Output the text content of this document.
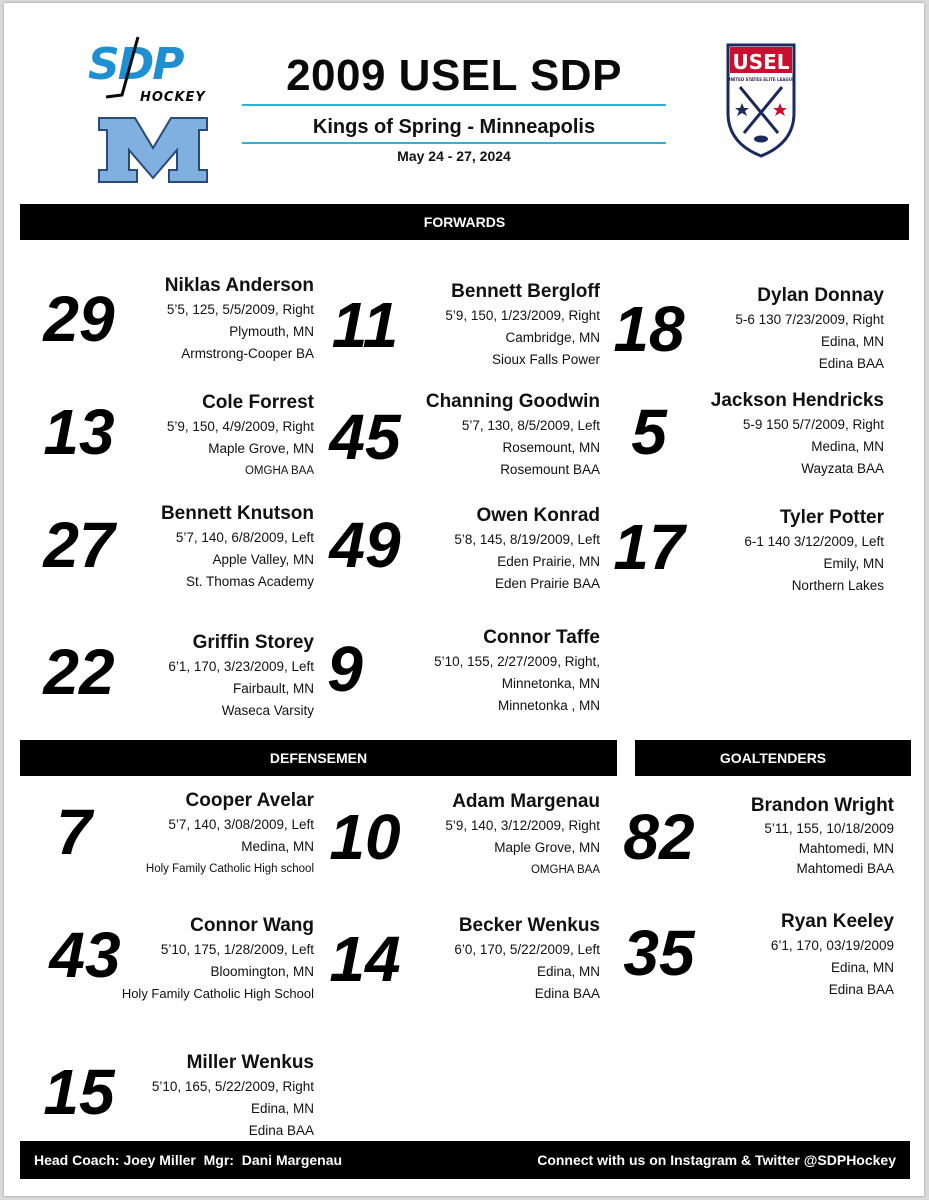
SDP
HOCKEY	2009 USEL SDP
Kings of Spring - Minneapolis
May 24 - 27, 2024
USEL
UNITED STATES ELITE LEAGUE
FORWARDS
29	Niklas Anderson
5’5, 125, 5/5/2009, Right
Plymouth, MN
Armstrong-Cooper BA 11	Bennett Bergloff
5’9, 150, 1/23/2009, Right
Cambridge, MN
Sioux Falls Power 18	Dylan Donnay
5-6 130 7/23/2009, Right
Edina, MN
Edina BAA
13	Cole Forrest
5’9, 150, 4/9/2009, Right
Maple Grove, MN
OMGHA BAA 45	Channing Goodwin
5’7, 130, 8/5/2009, Left
Rosemount, MN
Rosemount BAA
5	Jackson Hendricks
5-9 150 5/7/2009, Right
Medina, MN
Wayzata BAA
27	Bennett Knutson
5’7, 140, 6/8/2009, Left
Apple Valley, MN
St. Thomas Academy
49	Owen Konrad
5’8, 145, 8/19/2009, Left
Eden Prairie, MN
Eden Prairie BAA
17	Tyler Potter
6-1 140 3/12/2009, Left
Emily, MN
Northern Lakes
22	Griffin Storey
6’1, 170, 3/23/2009, Left
Fairbault, MN
Waseca Varsity
9	Connor Taffe
5’10, 155, 2/27/2009, Right,
Minnetonka, MN
Minnetonka , MN
DEFENSEMEN	GOALTENDERS
7	Cooper Avelar
5’7, 140, 3/08/2009, Left
Medina, MN
Holy Family Catholic High school 10	Adam Margenau
5’9, 140, 3/12/2009, Right
Maple Grove, MN
OMGHA BAA
43	Connor Wang
5’10, 175, 1/28/2009, Left
Bloomington, MN
Holy Family Catholic High School 14	Becker Wenkus
6’0, 170, 5/22/2009, Left
Edina, MN
Edina BAA
15	Miller Wenkus
5’10, 165, 5/22/2009, Right
Edina, MN
Edina BAA
82	Brandon Wright
5’11, 155, 10/18/2009
Mahtomedi, MN
Mahtomedi BAA
35	Ryan Keeley
6’1, 170, 03/19/2009
Edina, MN
Edina BAA
Head Coach: Joey Miller  Mgr:  Dani Margenau	Connect with us on Instagram & Twitter @SDPHockey
